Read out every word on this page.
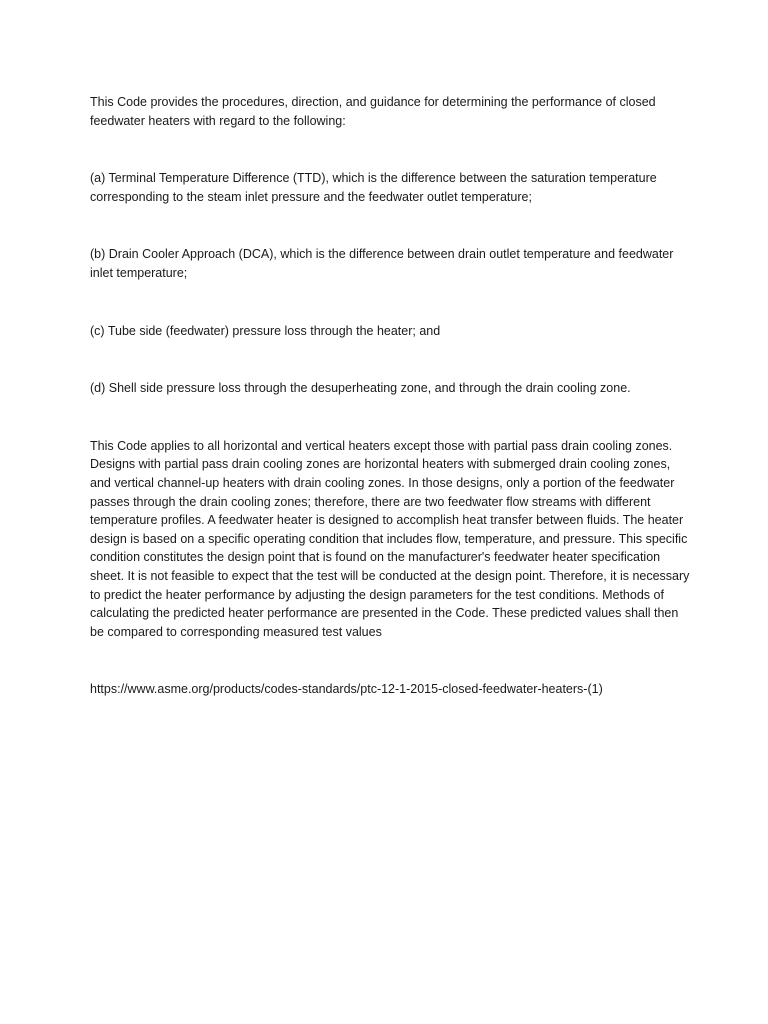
This Code provides the procedures, direction, and guidance for determining the performance of closed feedwater heaters with regard to the following:

(a) Terminal Temperature Difference (TTD), which is the difference between the saturation temperature corresponding to the steam inlet pressure and the feedwater outlet temperature;

(b) Drain Cooler Approach (DCA), which is the difference between drain outlet temperature and feedwater inlet temperature;

(c) Tube side (feedwater) pressure loss through the heater; and

(d) Shell side pressure loss through the desuperheating zone, and through the drain cooling zone.

This Code applies to all horizontal and vertical heaters except those with partial pass drain cooling zones. Designs with partial pass drain cooling zones are horizontal heaters with submerged drain cooling zones, and vertical channel-up heaters with drain cooling zones. In those designs, only a portion of the feedwater passes through the drain cooling zones; therefore, there are two feedwater flow streams with different temperature profiles. A feedwater heater is designed to accomplish heat transfer between fluids. The heater design is based on a specific operating condition that includes flow, temperature, and pressure. This specific condition constitutes the design point that is found on the manufacturer's feedwater heater specification sheet. It is not feasible to expect that the test will be conducted at the design point. Therefore, it is necessary to predict the heater performance by adjusting the design parameters for the test conditions. Methods of calculating the predicted heater performance are presented in the Code. These predicted values shall then be compared to corresponding measured test values

https://www.asme.org/products/codes-standards/ptc-12-1-2015-closed-feedwater-heaters-(1)
